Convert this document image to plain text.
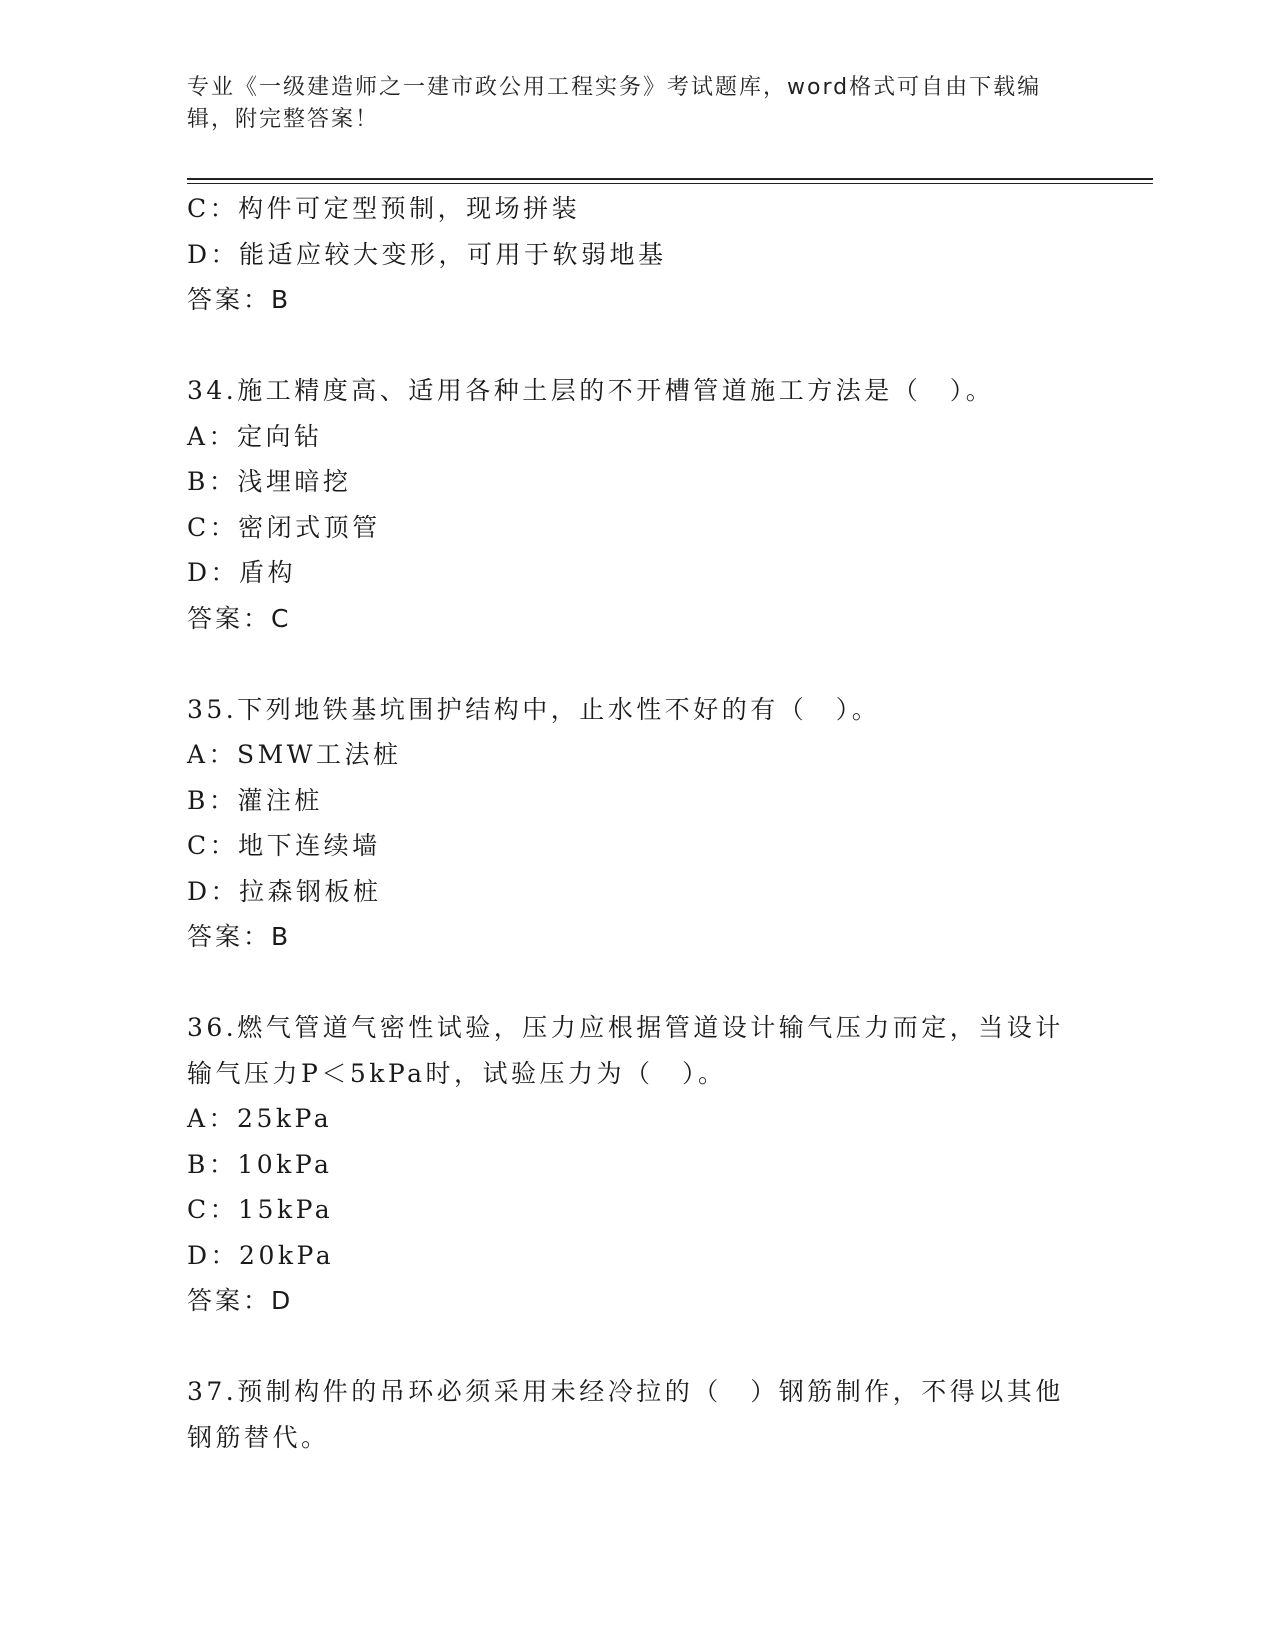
专业《一级建造师之一建市政公用工程实务》考试题库，word格式可自由下载编
辑，附完整答案！
C：构件可定型预制，现场拼装
D：能适应较大变形，可用于软弱地基
答案：B
34.施工精度高、适用各种土层的不开槽管道施工方法是（　）。
A：定向钻
B：浅埋暗挖
C：密闭式顶管
D：盾构
答案：C
35.下列地铁基坑围护结构中，止水性不好的有（　）。
A：SMW工法桩
B：灌注桩
C：地下连续墙
D：拉森钢板桩
答案：B
36.燃气管道气密性试验，压力应根据管道设计输气压力而定，当设计
输气压力P＜5kPa时，试验压力为（　）。
A：25kPa
B：10kPa
C：15kPa
D：20kPa
答案：D
37.预制构件的吊环必须采用未经冷拉的（　）钢筋制作，不得以其他
钢筋替代。
